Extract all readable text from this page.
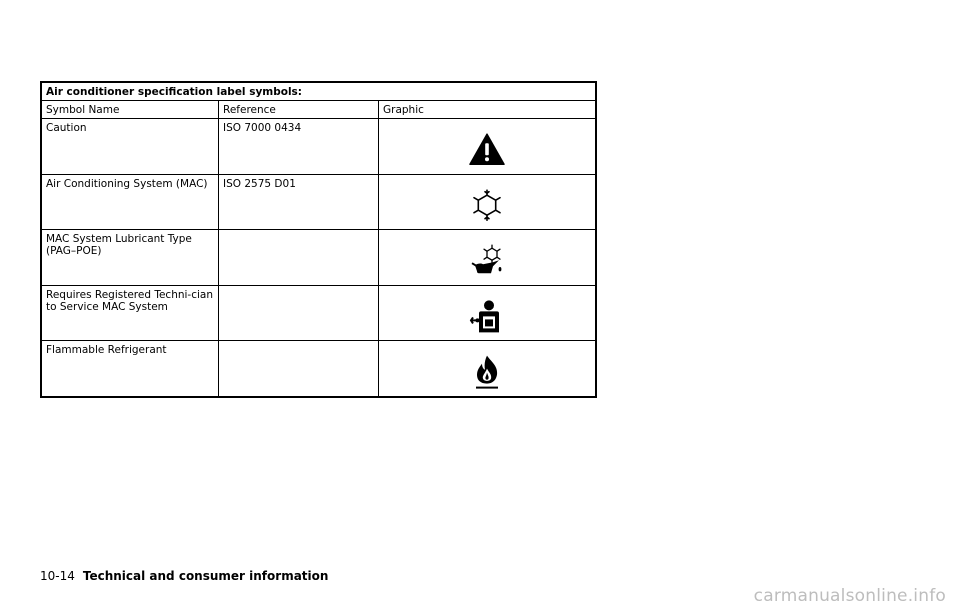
Air conditioner specification label symbols:
Symbol Name	Reference	Graphic
Caution	ISO 7000 0434
Air Conditioning System (MAC)	ISO 2575 D01
MAC System Lubricant Type (PAG–POE)
Requires Registered Techni-cian to Service MAC System
Flammable Refrigerant
10-14 Technical and consumer information
carmanualsonline.info
